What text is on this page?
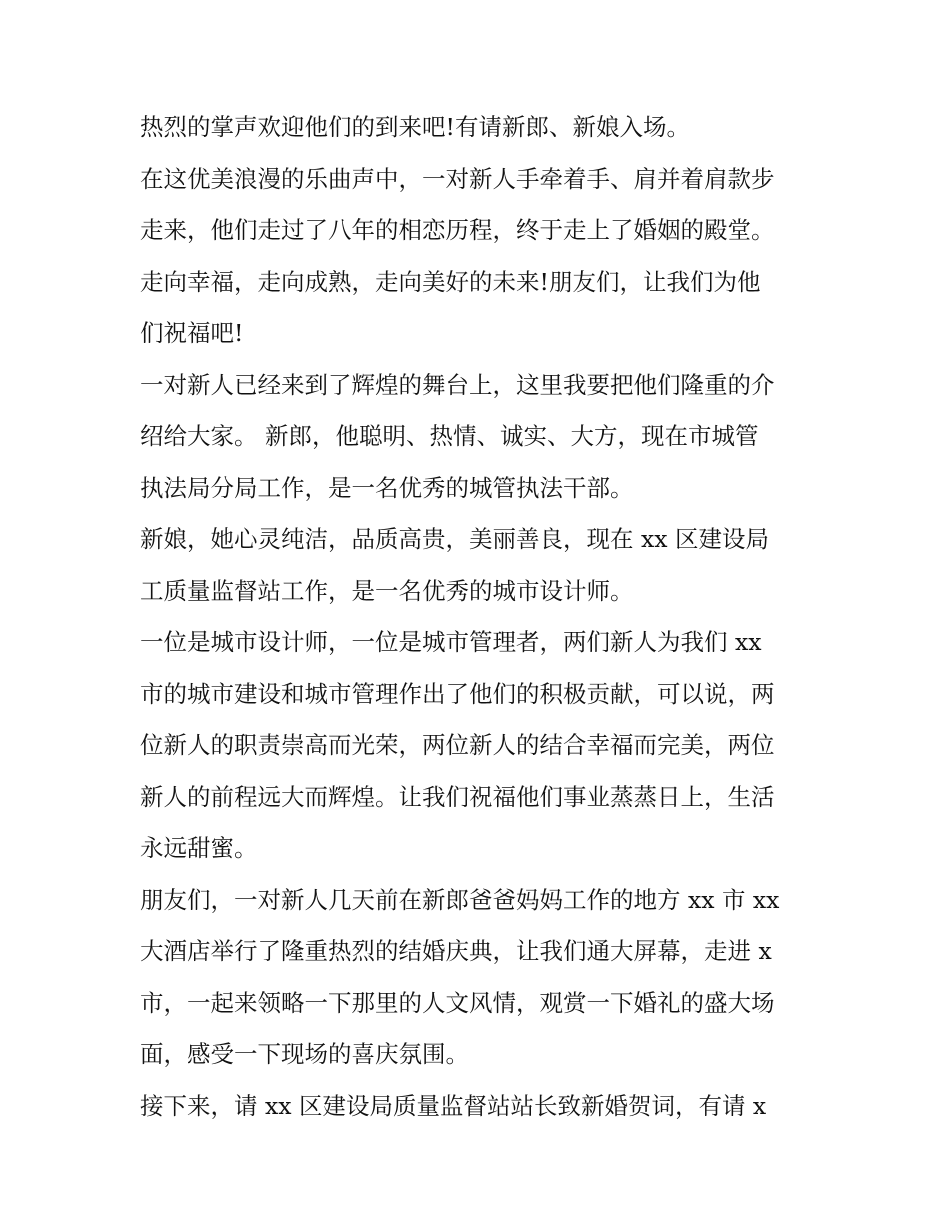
热烈的掌声欢迎他们的到来吧!有请新郎、新娘入场。
在这优美浪漫的乐曲声中，一对新人手牵着手、肩并着肩款步
走来，他们走过了八年的相恋历程，终于走上了婚姻的殿堂。
走向幸福，走向成熟，走向美好的未来!朋友们，让我们为他
们祝福吧!
一对新人已经来到了辉煌的舞台上，这里我要把他们隆重的介
绍给大家。 新郎，他聪明、热情、诚实、大方，现在市城管
执法局分局工作，是一名优秀的城管执法干部。
新娘，她心灵纯洁，品质高贵，美丽善良，现在 xx 区建设局
工质量监督站工作，是一名优秀的城市设计师。
一位是城市设计师，一位是城市管理者，两们新人为我们 xx
市的城市建设和城市管理作出了他们的积极贡献，可以说，两
位新人的职责崇高而光荣，两位新人的结合幸福而完美，两位
新人的前程远大而辉煌。让我们祝福他们事业蒸蒸日上，生活
永远甜蜜。
朋友们，一对新人几天前在新郎爸爸妈妈工作的地方 xx 市 xx
大酒店举行了隆重热烈的结婚庆典，让我们通大屏幕，走进 x
市，一起来领略一下那里的人文风情，观赏一下婚礼的盛大场
面，感受一下现场的喜庆氛围。
接下来，请 xx 区建设局质量监督站站长致新婚贺词，有请 x
